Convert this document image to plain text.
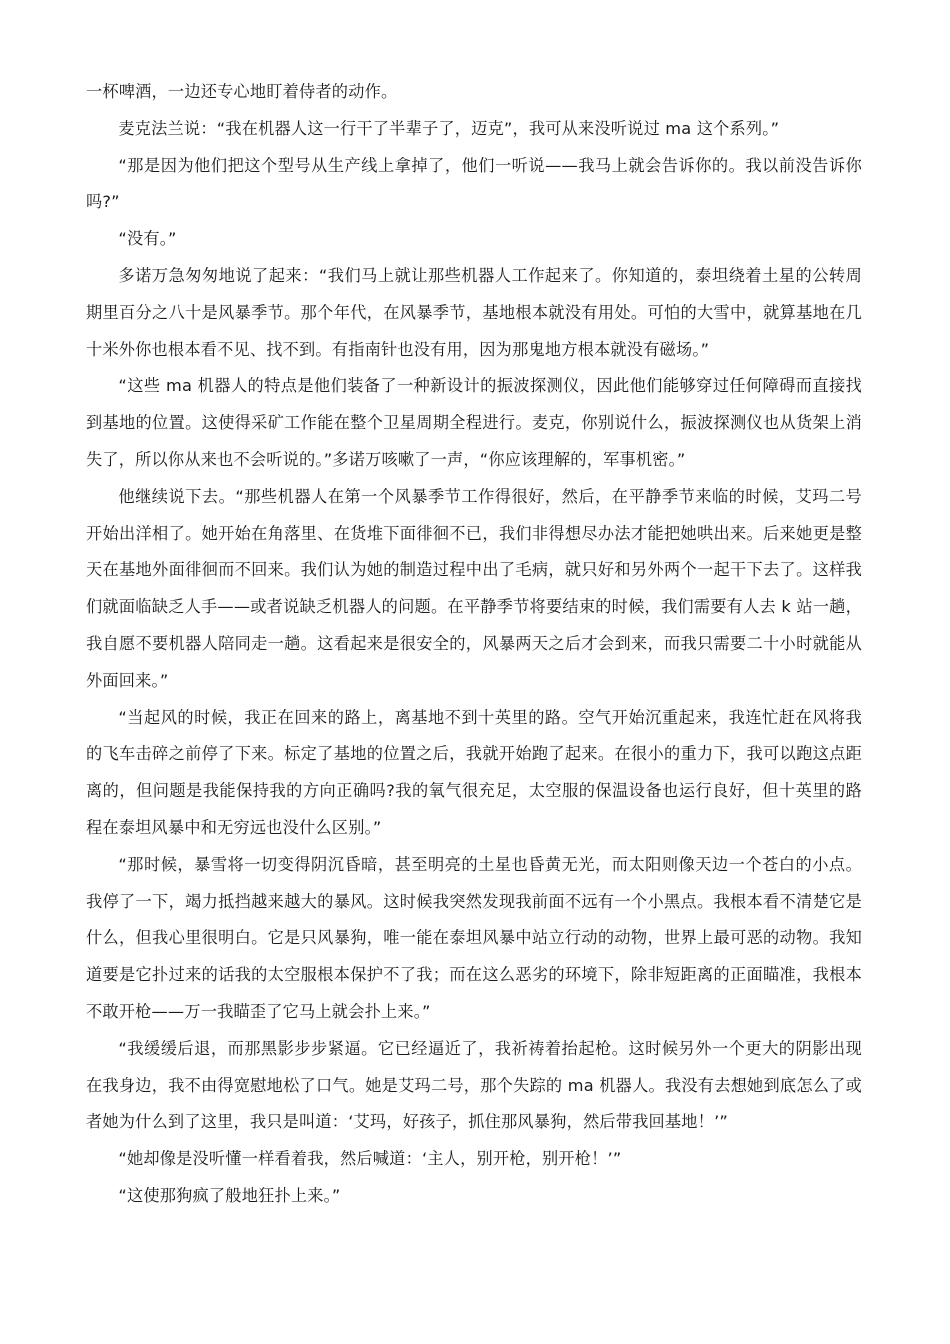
一杯啤酒，一边还专心地盯着侍者的动作。

麦克法兰说：“我在机器人这一行干了半辈子了，迈克”，我可从来没听说过 ma 这个系列。”

“那是因为他们把这个型号从生产线上拿掉了，他们一听说——我马上就会告诉你的。我以前没告诉你吗?”

“没有。”

多诺万急匆匆地说了起来：“我们马上就让那些机器人工作起来了。你知道的，泰坦绕着土星的公转周期里百分之八十是风暴季节。那个年代，在风暴季节，基地根本就没有用处。可怕的大雪中，就算基地在几十米外你也根本看不见、找不到。有指南针也没有用，因为那鬼地方根本就没有磁场。”

“这些 ma 机器人的特点是他们装备了一种新设计的振波探测仪，因此他们能够穿过任何障碍而直接找到基地的位置。这使得采矿工作能在整个卫星周期全程进行。麦克，你别说什么，振波探测仪也从货架上消失了，所以你从来也不会听说的。”多诺万咳嗽了一声，“你应该理解的，军事机密。”

他继续说下去。“那些机器人在第一个风暴季节工作得很好，然后，在平静季节来临的时候，艾玛二号开始出洋相了。她开始在角落里、在货堆下面徘徊不已，我们非得想尽办法才能把她哄出来。后来她更是整天在基地外面徘徊而不回来。我们认为她的制造过程中出了毛病，就只好和另外两个一起干下去了。这样我们就面临缺乏人手——或者说缺乏机器人的问题。在平静季节将要结束的时候，我们需要有人去 k 站一趟，我自愿不要机器人陪同走一趟。这看起来是很安全的，风暴两天之后才会到来，而我只需要二十小时就能从外面回来。”

“当起风的时候，我正在回来的路上，离基地不到十英里的路。空气开始沉重起来，我连忙赶在风将我的飞车击碎之前停了下来。标定了基地的位置之后，我就开始跑了起来。在很小的重力下，我可以跑这点距离的，但问题是我能保持我的方向正确吗?我的氧气很充足，太空服的保温设备也运行良好，但十英里的路程在泰坦风暴中和无穷远也没什么区别。”

“那时候，暴雪将一切变得阴沉昏暗，甚至明亮的土星也昏黄无光，而太阳则像天边一个苍白的小点。我停了一下，竭力抵挡越来越大的暴风。这时候我突然发现我前面不远有一个小黑点。我根本看不清楚它是什么，但我心里很明白。它是只风暴狗，唯一能在泰坦风暴中站立行动的动物，世界上最可恶的动物。我知道要是它扑过来的话我的太空服根本保护不了我；而在这么恶劣的环境下，除非短距离的正面瞄准，我根本不敢开枪——万一我瞄歪了它马上就会扑上来。”

“我缓缓后退，而那黑影步步紧逼。它已经逼近了，我祈祷着抬起枪。这时候另外一个更大的阴影出现在我身边，我不由得宽慰地松了口气。她是艾玛二号，那个失踪的 ma 机器人。我没有去想她到底怎么了或者她为什么到了这里，我只是叫道：‘艾玛，好孩子，抓住那风暴狗，然后带我回基地！’”

“她却像是没听懂一样看着我，然后喊道：‘主人，别开枪，别开枪！’”

“这使那狗疯了般地狂扑上来。”
